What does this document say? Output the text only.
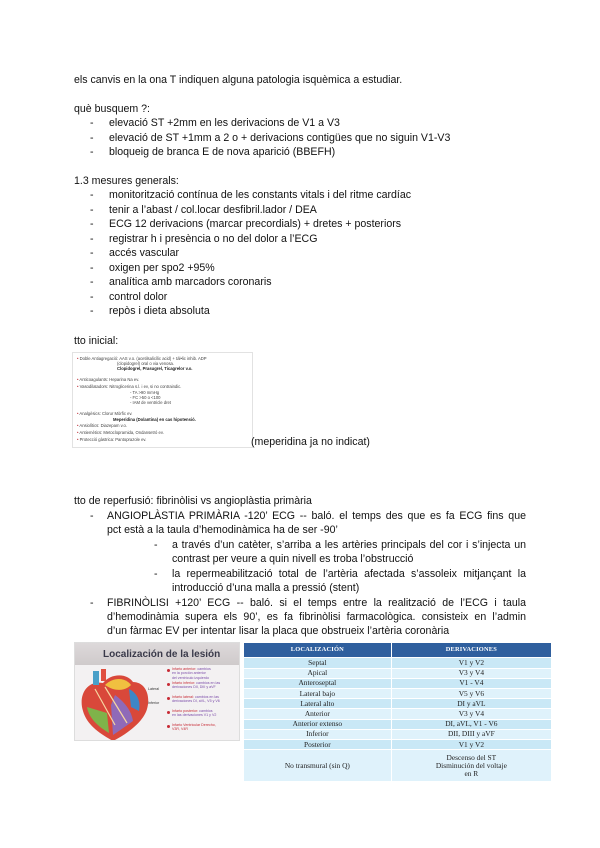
els canvis en la ona T indiquen alguna patologia isquèmica a estudiar.
què busquem ?:
- elevació ST +2mm en les derivacions de V1 a V3
- elevació de ST +1mm a 2 o + derivacions contigües que no siguin V1-V3
- bloqueig de branca E de nova aparició (BBEFH)
1.3 mesures generals:
- monitorització contínua de les constants vitals i del ritme cardíac
- tenir a l’abast / col.locar desfibril.lador / DEA
- ECG 12 derivacions (marcar precordials) + dretes + posteriors
- registrar h i presència o no del dolor a l’ECG
- accés vascular
- oxigen per spo2 +95%
- analítica amb marcadors coronaris
- control dolor
- repòs i dieta absoluta
tto inicial:
• Doble Antiagregació: AAS v.o. (acetilsalicílic acid) + tàl•lic inhib. ADP
(clopidogrel) oral o via venosa.
Clopidogrel, Prasugrel, Ticagrelor v.o.
• Anticoagulants: Heparina Na ev.
• Vasodilatadors: Nitroglicerina s.l. i ev, si no contraindic.
- TA >90 mmHg
- FC >50 o <100
- IAM de ventricle dret
• Analgèsics: Clorur Mòrfic ev.
Meperidina (Dolantina) en cas hipotensió.
• Ansiolítics: Diazepam v.o.
• Antiemètics: Metoclopramida, Ondansetró ev.
• Protecció gàstrica: Pantoprazole ev.	(meperidina ja no indicat)
tto de reperfusió: fibrinòlisi vs angioplàstia primària
- ANGIOPLÀSTIA PRIMÀRIA -120’ ECG -- baló. el temps des que es fa ECG fins que
pct està a la taula d’hemodinàmica ha de ser -90’
- a través d’un catèter, s’arriba a les artèries principals del cor i s’injecta un
contrast per veure a quin nivell es troba l’obstrucció
- la repermeabilització total de l’artèria afectada s’assoleix mitjançant la
introducció d’una malla a pressió (stent)
- FIBRINÒLISI +120’ ECG -- baló. si el temps entre la realització de l’ECG i taula
d’hemodinàmia supera els 90’, es fa fibrinòlisi farmacològica. consisteix en l’admin
d’un fàrmac EV per intentar lisar la placa que obstrueix l’artèria coronària
Localización de la lesión
Lateral
Inferior
Infarto anterior: cambios
en la porción anterior
del ventrículo izquierdo
Infarto inferior: cambios en las
derivaciones DII, DIII y aVF
Infarto lateral: cambios en las
derivaciones DI, aVL, V5 y V6
Infarto posterior: cambios
en las derivaciones V1 y V2
Infarto Ventricular Derecho,
V3R, V4R
LOCALIZACIÓN	DERIVACIONES
Septal	V1 y V2
Apical	V3 y V4
Anteroseptal	V1 - V4
Lateral bajo	V5 y V6
Lateral alto	DI y aVL
Anterior	V3 y V4
Anterior extenso	DI, aVL, V1 - V6
Inferior	DII, DIII y aVF
Posterior	V1 y V2
No transmural (sin Q)	Descenso del ST
Disminución del voltaje
en R
